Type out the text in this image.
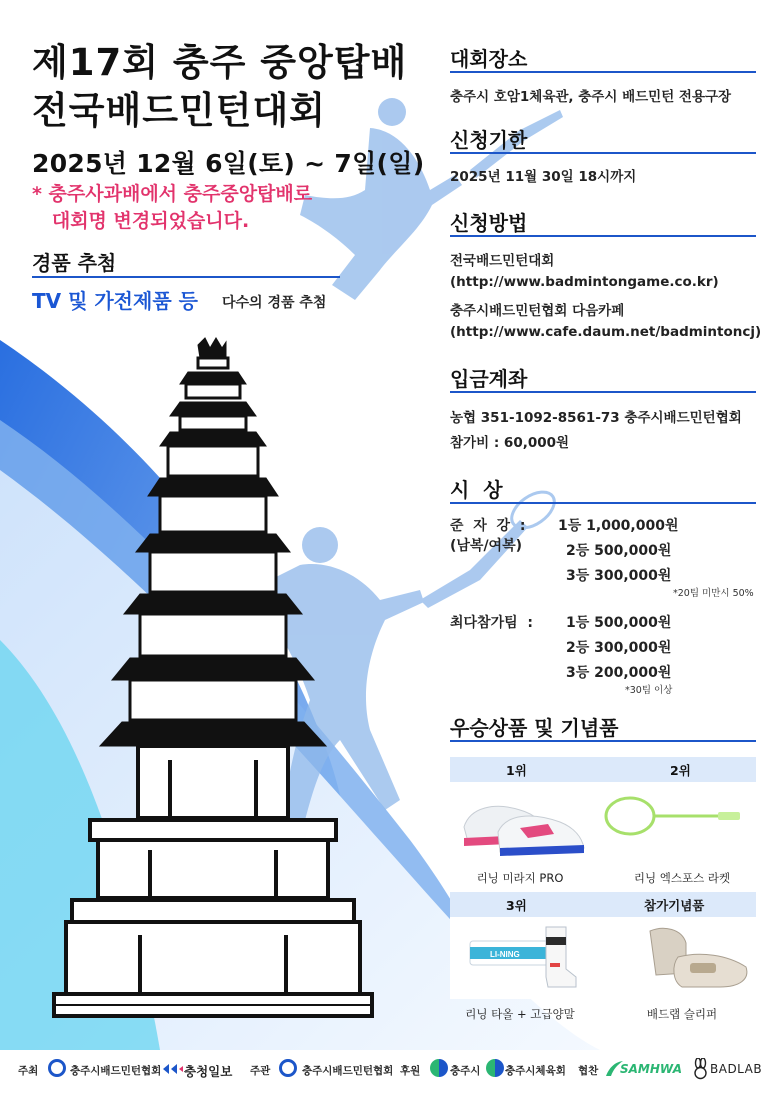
제17회 충주 중앙탑배
전국배드민턴대회
2025년 12월 6일(토) ~ 7일(일)
* 충주사과배에서 충주중앙탑배로
대회명 변경되었습니다.
경품 추첨
TV 및 가전제품 등 다수의 경품 추첨
대회장소
충주시 호암1체육관, 충주시 배드민턴 전용구장
신청기한
2025년 11월 30일 18시까지
신청방법
전국배드민턴대회
(http://www.badmintongame.co.kr)
충주시배드민턴협회 다음카페
(http://www.cafe.daum.net/badmintoncj)
입금계좌
농협 351-1092-8561-73 충주시배드민턴협회
참가비 : 60,000원
시  상
준  자  강  :
(남복/여복)
1등 1,000,000원
2등 500,000원
3등 300,000원
*20팀 미만시 50%
최다참가팀  : 1등 500,000원
2등 300,000원
3등 200,000원
*30팀 이상
우승상품 및 기념품
1위	2위
리닝 미라지 PRO	리닝 엑스포스 라켓
3위	참가기념품
LI-NING
리닝 타올 + 고급양말	배드랩 슬리퍼
주최	충주시배드민턴협회 충청일보 주관	충주시배드민턴협회 후원	충주시 충주시체육회 협찬 SAMHWA BADLAB
